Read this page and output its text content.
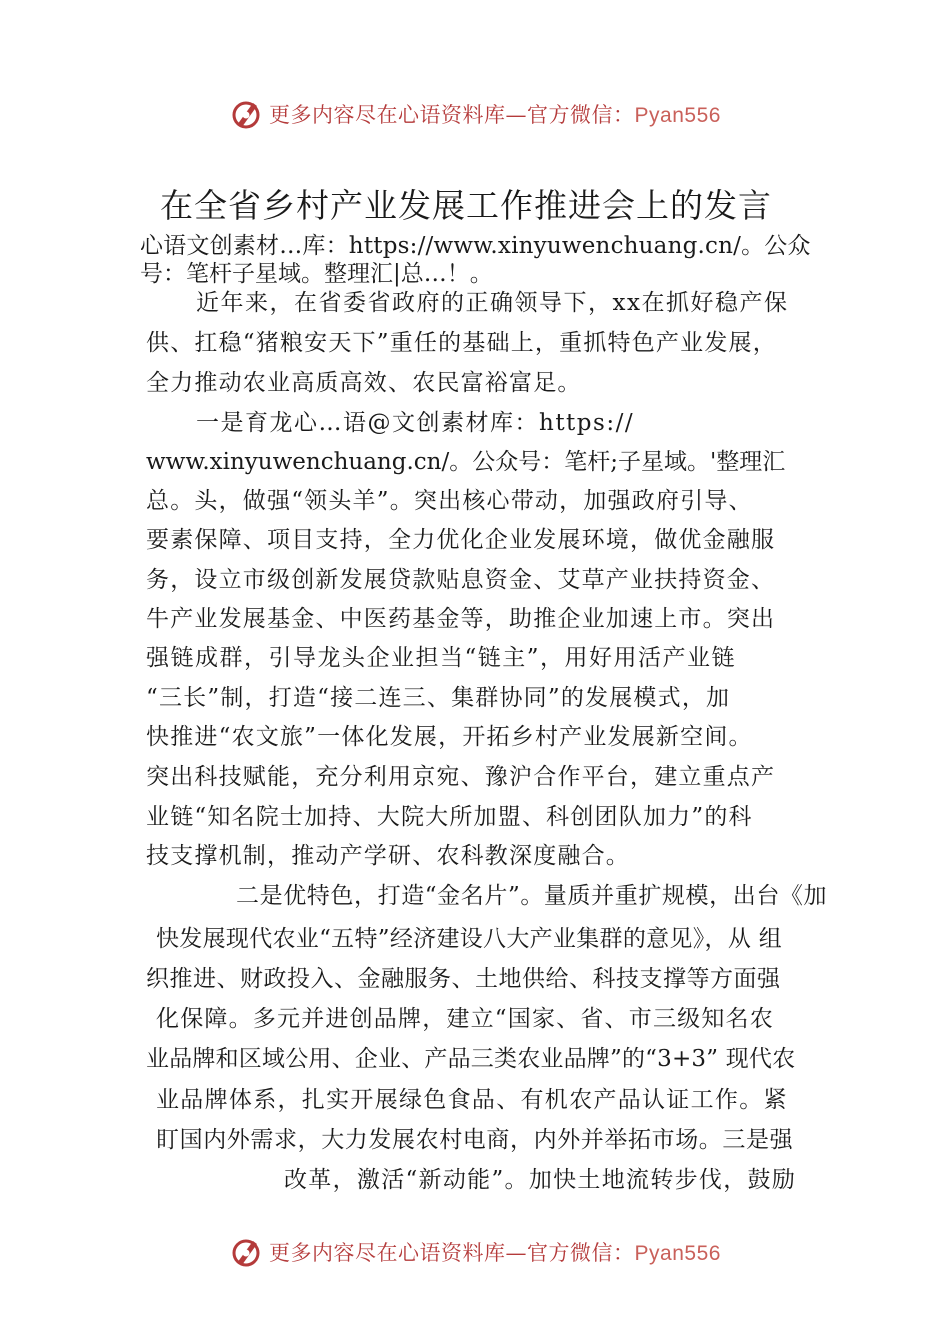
更多内容尽在心语资料库—官方微信：Pyan556
在全省乡村产业发展工作推进会上的发言
心语文创素材…库：https://www.xinyuwenchuang.cn/。公众
号：笔杆子星域。整理汇|总…！。
近年来，在省委省政府的正确领导下，xx在抓好稳产保
供、扛稳“猪粮安天下”重任的基础上，重抓特色产业发展，
全力推动农业高质高效、农民富裕富足。
一是育龙心…语@文创素材库：https://
www.xinyuwenchuang.cn/。公众号：笔杆;子星域。'整理汇
总。头，做强“领头羊”。突出核心带动，加强政府引导、
要素保障、项目支持，全力优化企业发展环境，做优金融服
务，设立市级创新发展贷款贴息资金、艾草产业扶持资金、
牛产业发展基金、中医药基金等，助推企业加速上市。突出
强链成群，引导龙头企业担当“链主”，用好用活产业链
“三长”制，打造“接二连三、集群协同”的发展模式，加
快推进“农文旅”一体化发展，开拓乡村产业发展新空间。
突出科技赋能，充分利用京宛、豫沪合作平台，建立重点产
业链“知名院士加持、大院大所加盟、科创团队加力”的科
技支撑机制，推动产学研、农科教深度融合。
二是优特色，打造“金名片”。量质并重扩规模，出台《加
快发展现代农业“五特”经济建设八大产业集群的意见》，从 组
织推进、财政投入、金融服务、土地供给、科技支撑等方面强
化保障。多元并进创品牌，建立“国家、省、市三级知名农
业品牌和区域公用、企业、产品三类农业品牌”的“3+3” 现代农
业品牌体系，扎实开展绿色食品、有机农产品认证工作。紧
盯国内外需求，大力发展农村电商，内外并举拓市场。三是强
改革，激活“新动能”。加快土地流转步伐，鼓励
更多内容尽在心语资料库—官方微信：Pyan556
